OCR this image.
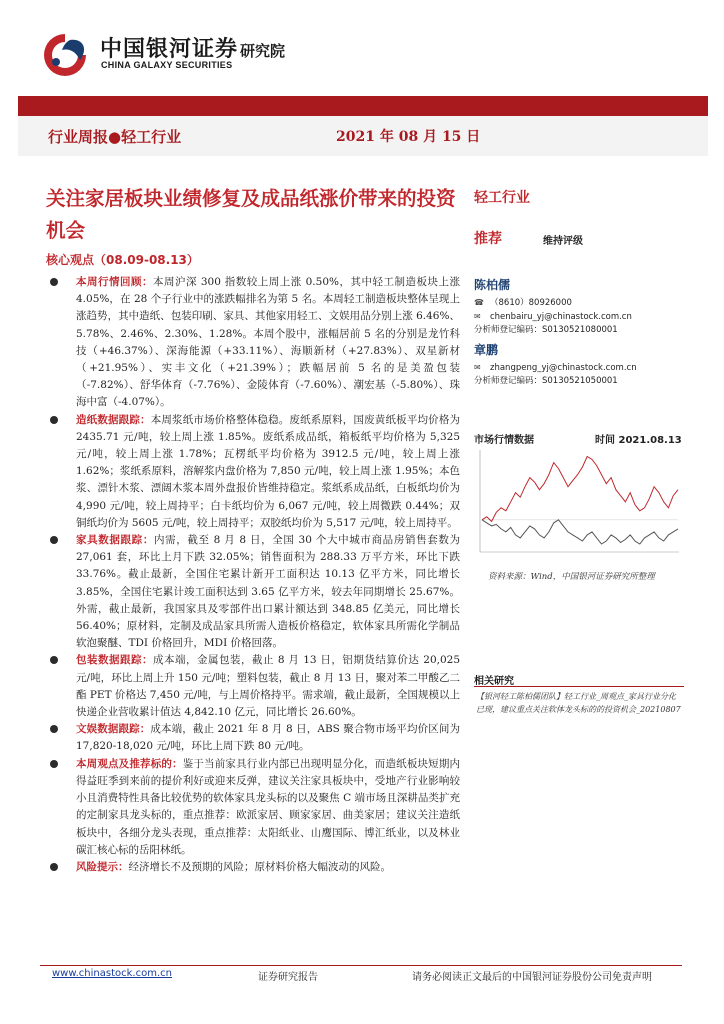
中国银河证券
CHINA GALAXY SECURITIES
研究院
行业周报●轻工行业	2021 年 08 月 15 日
关注家居板块业绩修复及成品纸涨价带来的投资机会
核心观点（08.09-08.13）
本周行情回顾：本周沪深 300 指数较上周上涨 0.50%，其中轻工制造板块上涨 4.05%，在 28 个子行业中的涨跌幅排名为第 5 名。本周轻工制造板块整体呈现上涨趋势，其中造纸、包装印刷、家具、其他家用轻工、文娱用品分别上涨 6.46%、5.78%、2.46%、2.30%、1.28%。本周个股中，涨幅居前 5 名的分别是龙竹科技（+46.37%）、深海能源（+33.11%）、海顺新材（+27.83%）、双星新材（+21.95%）、实丰文化（+21.39%）；跌幅居前 5 名的是美盈包装（-7.82%）、舒华体育（-7.76%）、金陵体育（-7.60%）、潮宏基（-5.80%）、珠海中富（-4.07%）。
造纸数据跟踪：本周浆纸市场价格整体稳稳。废纸系原料，国废黄纸板平均价格为 2435.71 元/吨，较上周上涨 1.85%。废纸系成品纸，箱板纸平均价格为 5,325 元/吨，较上周上涨 1.78%；瓦楞纸平均价格为 3912.5 元/吨，较上周上涨 1.62%；浆纸系原料，溶解浆内盘价格为 7,850 元/吨，较上周上涨 1.95%；本色浆、漂针木浆、漂阔木浆本周外盘报价皆维持稳定。浆纸系成品纸，白板纸均价为 4,990 元/吨，较上周持平；白卡纸均价为 6,067 元/吨，较上周微跌 0.44%；双铜纸均价为 5605 元/吨，较上周持平；双胶纸均价为 5,517 元/吨，较上周持平。
家具数据跟踪：内需，截至 8 月 8 日，全国 30 个大中城市商品房销售套数为 27,061 套，环比上月下跌 32.05%；销售面积为 288.33 万平方米，环比下跌 33.76%。截止最新，全国住宅累计新开工面积达 10.13 亿平方米，同比增长 3.85%，全国住宅累计竣工面积达到 3.65 亿平方米，较去年同期增长 25.67%。外需，截止最新，我国家具及零部件出口累计额达到 348.85 亿美元，同比增长 56.40%；原材料，定制及成品家具所需人造板价格稳定，软体家具所需化学制品软泡聚醚、TDI 价格回升，MDI 价格回落。
包装数据跟踪：成本端，金属包装，截止 8 月 13 日，铝期货结算价达 20,025 元/吨，环比上周上升 150 元/吨；塑料包装，截止 8 月 13 日，聚对苯二甲酸乙二酯 PET 价格达 7,450 元/吨，与上周价格持平。需求端，截止最新，全国规模以上快递企业营收累计值达 4,842.10 亿元，同比增长 26.60%。
文娱数据跟踪：成本端，截止 2021 年 8 月 8 日，ABS 聚合物市场平均价区间为 17,820-18,020 元/吨，环比上周下跌 80 元/吨。
本周观点及推荐标的：鉴于当前家具行业内部已出现明显分化，而造纸板块短期内得益旺季到来前的提价利好或迎来反弹，建议关注家具板块中，受地产行业影响较小且消费特性具备比较优势的软体家具龙头标的以及聚焦 C 端市场且深耕品类扩充的定制家具龙头标的，重点推荐：欧派家居、顾家家居、曲美家居；建议关注造纸板块中，各细分龙头表现，重点推荐：太阳纸业、山鹰国际、博汇纸业，以及林业碳汇核心标的岳阳林纸。
风险提示：经济增长不及预期的风险；原材料价格大幅波动的风险。
轻工行业
推荐	维持评级
陈柏儒
☎ （8610）80926000
✉ chenbairu_yj@chinastock.com.cn
分析师登记编码：S0130521080001
章鹏
✉ zhangpeng_yj@chinastock.com.cn
分析师登记编码：S0130521050001
市场行情数据	时间 2021.08.13
资料来源：Wind，中国银河证券研究所整理
相关研究
【银河轻工陈柏儒团队】轻工行业_周观点_家具行业分化已现，建议重点关注软体龙头标的的投资机会_20210807
www.chinastock.com.cn	证券研究报告	请务必阅读正文最后的中国银河证券股份公司免责声明
